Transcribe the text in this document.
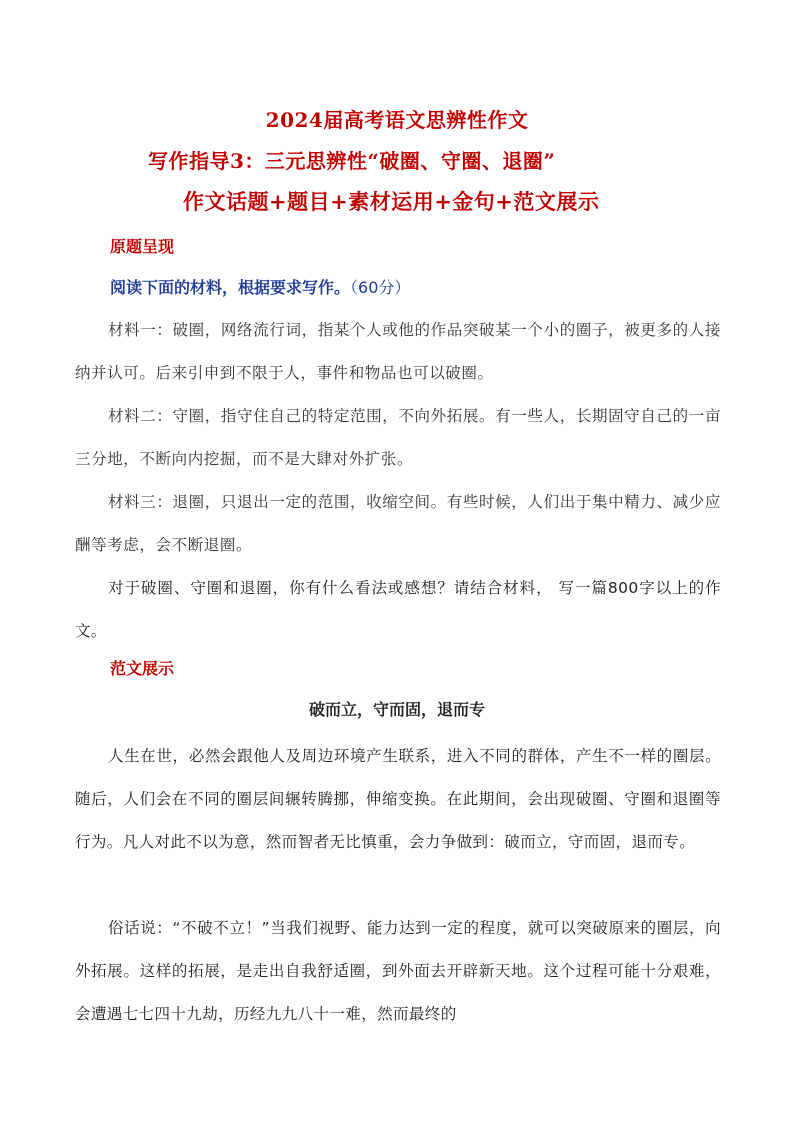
2024届高考语文思辨性作文
写作指导3：三元思辨性“破圈、守圈、退圈”
作文话题+题目+素材运用+金句+范文展示
原题呈现
阅读下面的材料，根据要求写作。（60分）
材料一：破圈，网络流行词，指某个人或他的作品突破某一个小的圈子，被更多的人接纳并认可。后来引申到不限于人，事件和物品也可以破圈。
材料二：守圈，指守住自己的特定范围，不向外拓展。有一些人，长期固守自己的一亩三分地，不断向内挖掘，而不是大肆对外扩张。
材料三：退圈，只退出一定的范围，收缩空间。有些时候，人们出于集中精力、减少应酬等考虑，会不断退圈。
对于破圈、守圈和退圈，你有什么看法或感想？请结合材料， 写一篇800字以上的作文。
范文展示
破而立，守而固，退而专
人生在世，必然会跟他人及周边环境产生联系，进入不同的群体，产生不一样的圈层。随后，人们会在不同的圈层间辗转腾挪，伸缩变换。在此期间，会出现破圈、守圈和退圈等行为。凡人对此不以为意，然而智者无比慎重，会力争做到：破而立，守而固，退而专。
俗话说：“不破不立！”当我们视野、能力达到一定的程度，就可以突破原来的圈层，向外拓展。这样的拓展，是走出自我舒适圈，到外面去开辟新天地。这个过程可能十分艰难，会遭遇七七四十九劫，历经九九八十一难，然而最终的
